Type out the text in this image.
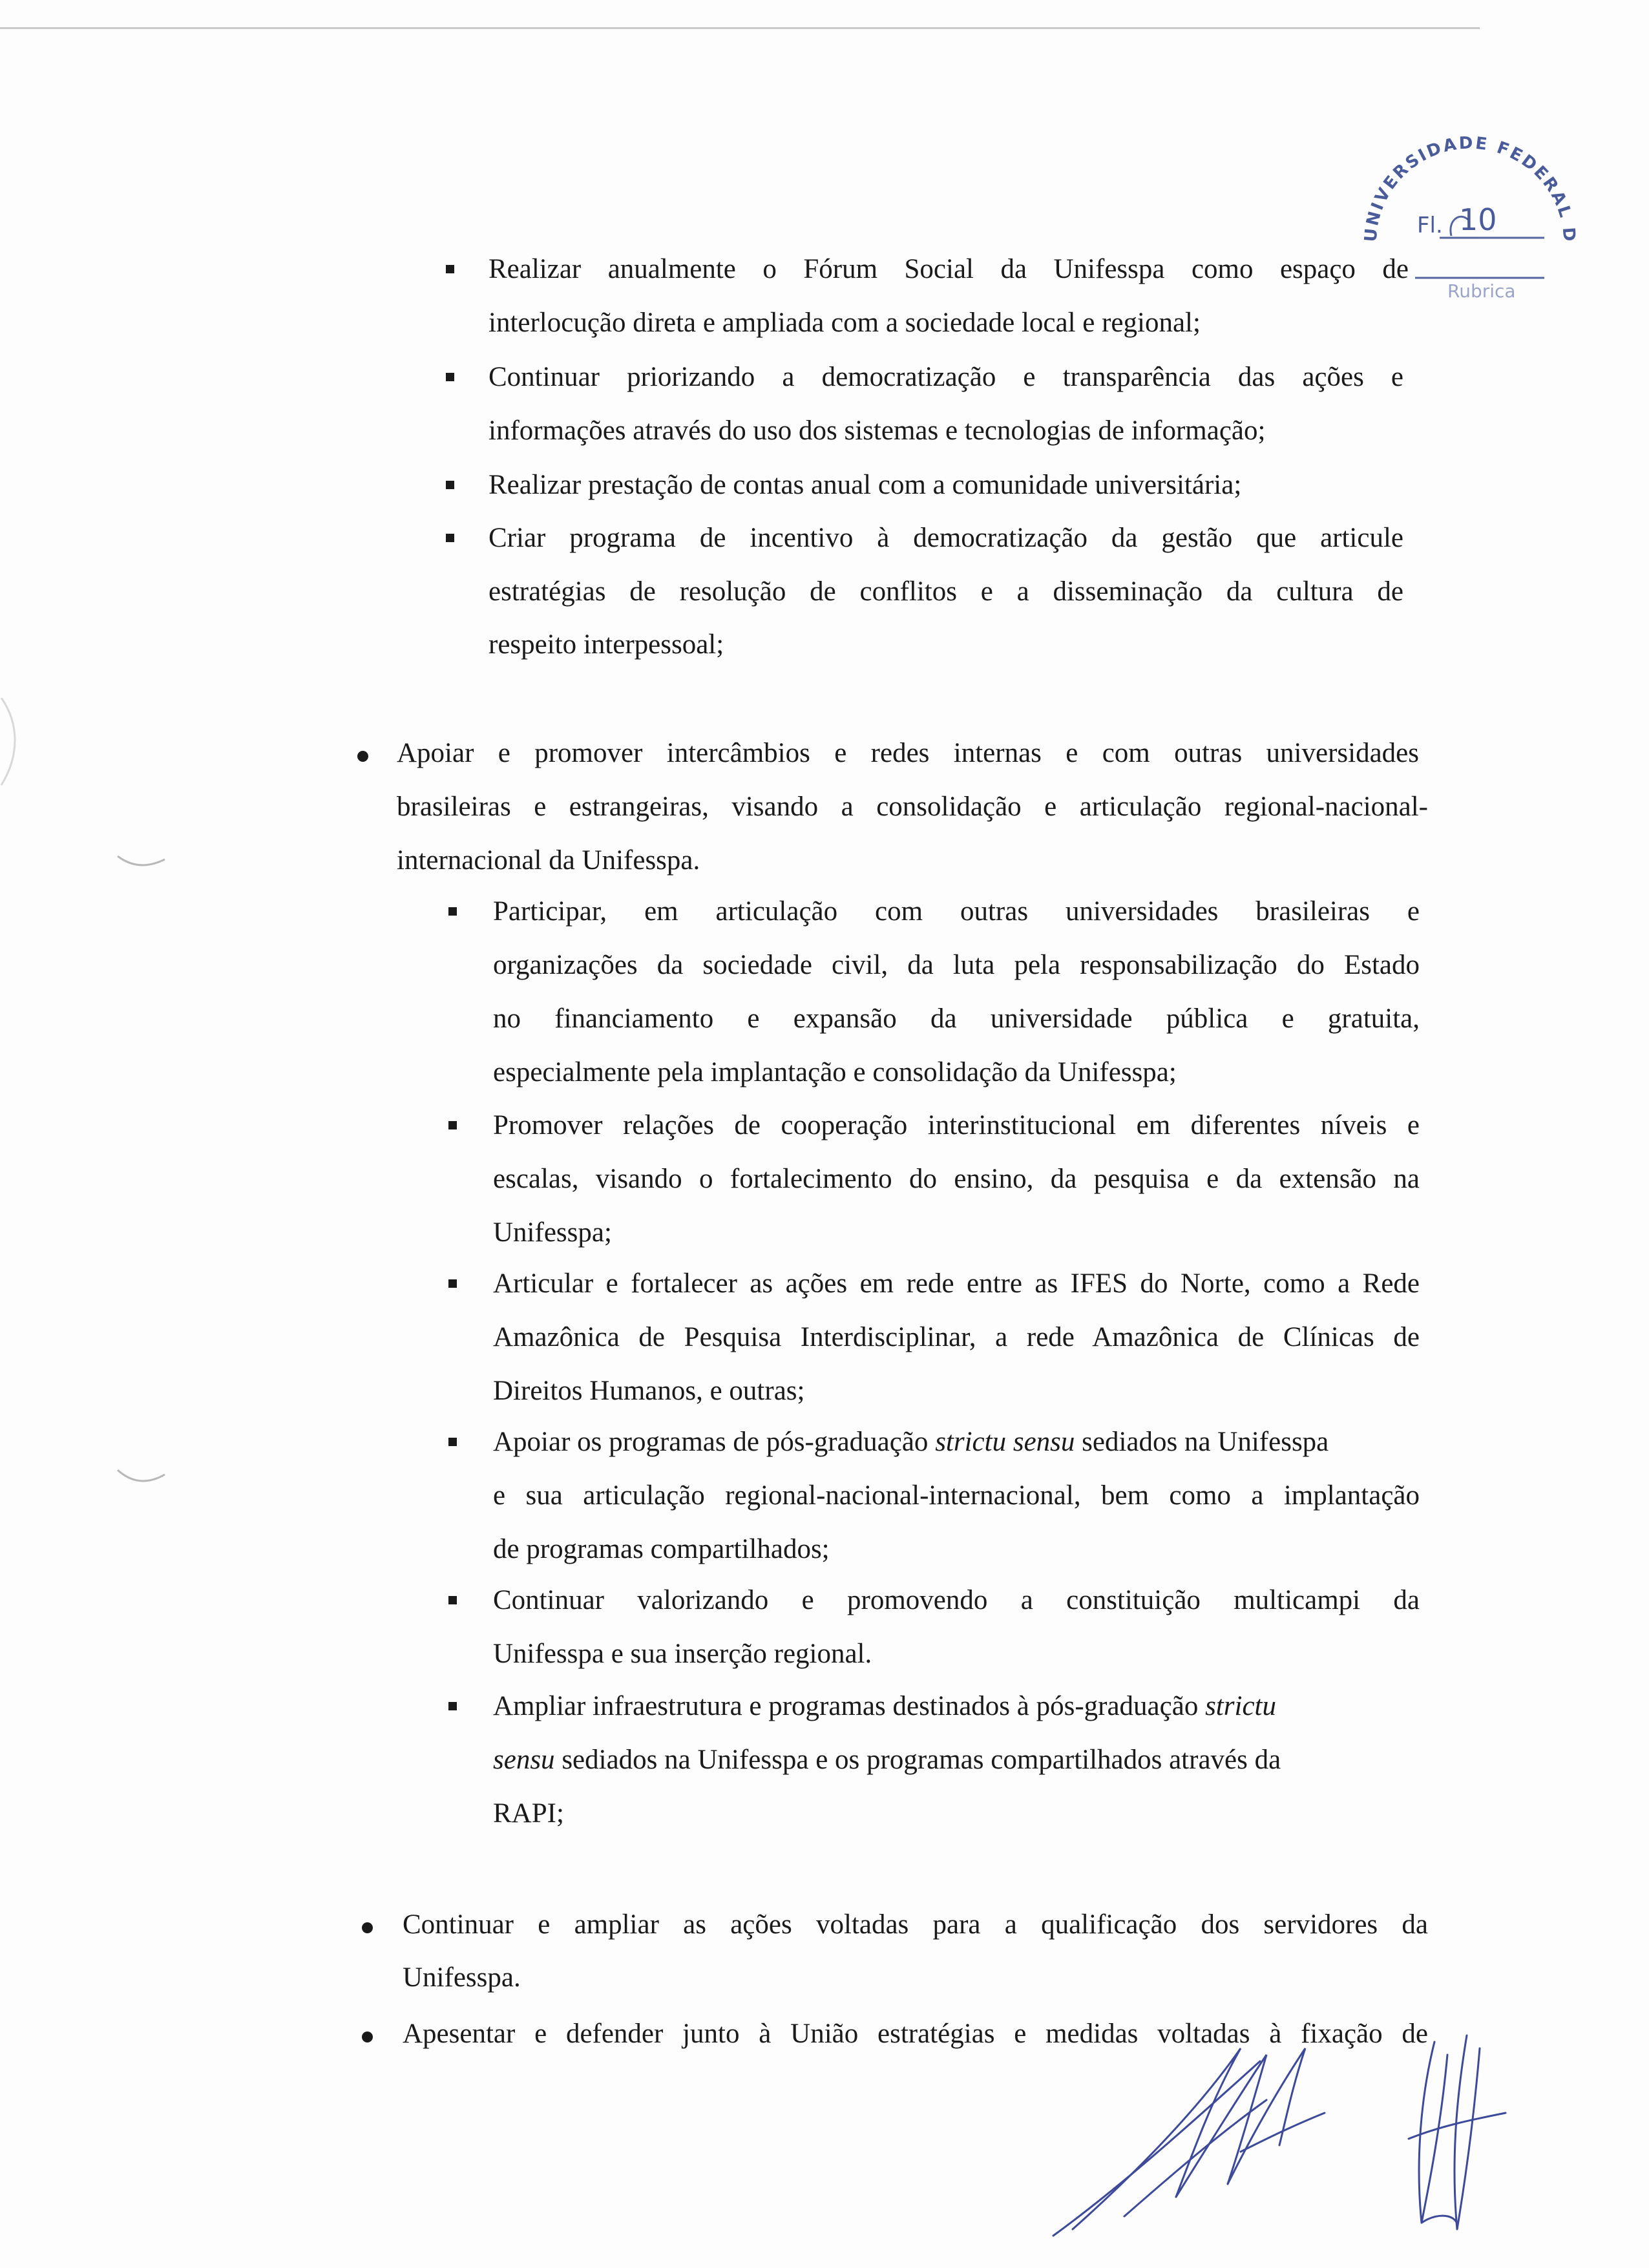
Realizar anualmente o Fórum Social da Unifesspa como espaço de
interlocução direta e ampliada com a sociedade local e regional;
Continuar priorizando a democratização e transparência das ações e
informações através do uso dos sistemas e tecnologias de informação;
Realizar prestação de contas anual com a comunidade universitária;
Criar programa de incentivo à democratização da gestão que articule
estratégias de resolução de conflitos e a disseminação da cultura de
respeito interpessoal;
Apoiar e promover intercâmbios e redes internas e com outras universidades
brasileiras e estrangeiras, visando a consolidação e articulação regional-nacional-
internacional da Unifesspa.
Participar, em articulação com outras universidades brasileiras e
organizações da sociedade civil, da luta pela responsabilização do Estado
no financiamento e expansão da universidade pública e gratuita,
especialmente pela implantação e consolidação da Unifesspa;
Promover relações de cooperação interinstitucional em diferentes níveis e
escalas, visando o fortalecimento do ensino, da pesquisa e da extensão na
Unifesspa;
Articular e fortalecer as ações em rede entre as IFES do Norte, como a Rede
Amazônica de Pesquisa Interdisciplinar, a rede Amazônica de Clínicas de
Direitos Humanos, e outras;
Apoiar os programas de pós-graduação strictu sensu sediados na Unifesspa
e sua articulação regional-nacional-internacional, bem como a implantação
de programas compartilhados;
Continuar valorizando e promovendo a constituição multicampi da
Unifesspa e sua inserção regional.
Ampliar infraestrutura e programas destinados à pós-graduação strictu
sensu sediados na Unifesspa e os programas compartilhados através da
RAPI;
Continuar e ampliar as ações voltadas para a qualificação dos servidores da
Unifesspa.
Apesentar e defender junto à União estratégias e medidas voltadas à fixação de
UNIVERSIDADE FEDERAL D
Fl. 10
Rubrica
